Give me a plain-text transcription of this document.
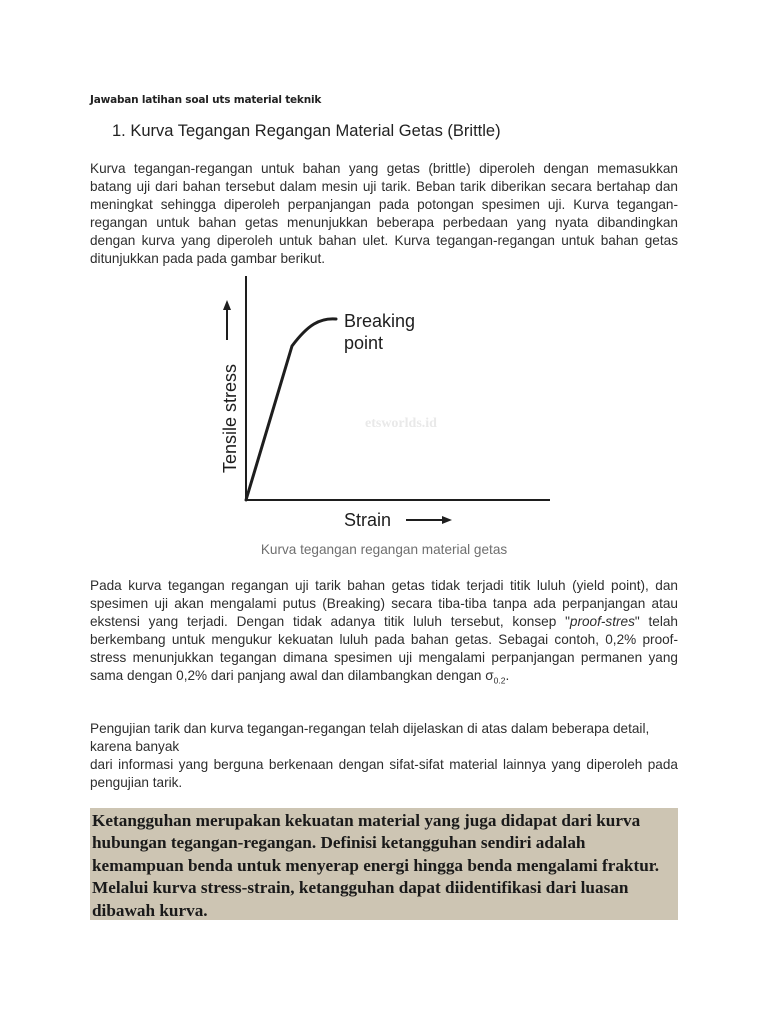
Jawaban latihan soal uts material teknik
1. Kurva Tegangan Regangan Material Getas (Brittle)

Kurva tegangan-regangan untuk bahan yang getas (brittle) diperoleh dengan memasukkan batang uji dari bahan tersebut dalam mesin uji tarik. Beban tarik diberikan secara bertahap dan meningkat sehingga diperoleh perpanjangan pada potongan spesimen uji. Kurva tegangan-regangan untuk bahan getas menunjukkan beberapa perbedaan yang nyata dibandingkan dengan kurva yang diperoleh untuk bahan ulet. Kurva tegangan-regangan untuk bahan getas ditunjukkan pada pada gambar berikut.

Kurva tegangan regangan material getas

Pada kurva tegangan regangan uji tarik bahan getas tidak terjadi titik luluh (yield point), dan spesimen uji akan mengalami putus (Breaking) secara tiba-tiba tanpa ada perpanjangan atau ekstensi yang terjadi. Dengan tidak adanya titik luluh tersebut, konsep "proof-stres" telah berkembang untuk mengukur kekuatan luluh pada bahan getas. Sebagai contoh, 0,2% proof-stress menunjukkan tegangan dimana spesimen uji mengalami perpanjangan permanen yang sama dengan 0,2% dari panjang awal dan dilambangkan dengan $\sigma_{0.2}$.

Pengujian tarik dan kurva tegangan-regangan telah dijelaskan di atas dalam beberapa detail, karena banyak
dari informasi yang berguna berkenaan dengan sifat-sifat material lainnya yang diperoleh pada pengujian tarik.

Ketangguhan merupakan kekuatan material yang juga didapat dari kurva hubungan tegangan-regangan. Definisi ketangguhan sendiri adalah kemampuan benda untuk menyerap energi hingga benda mengalami fraktur. Melalui kurva stress-strain, ketangguhan dapat diidentifikasi dari luasan dibawah kurva.

etsworlds.id
Breaking
point
Tensile stress
Strain
